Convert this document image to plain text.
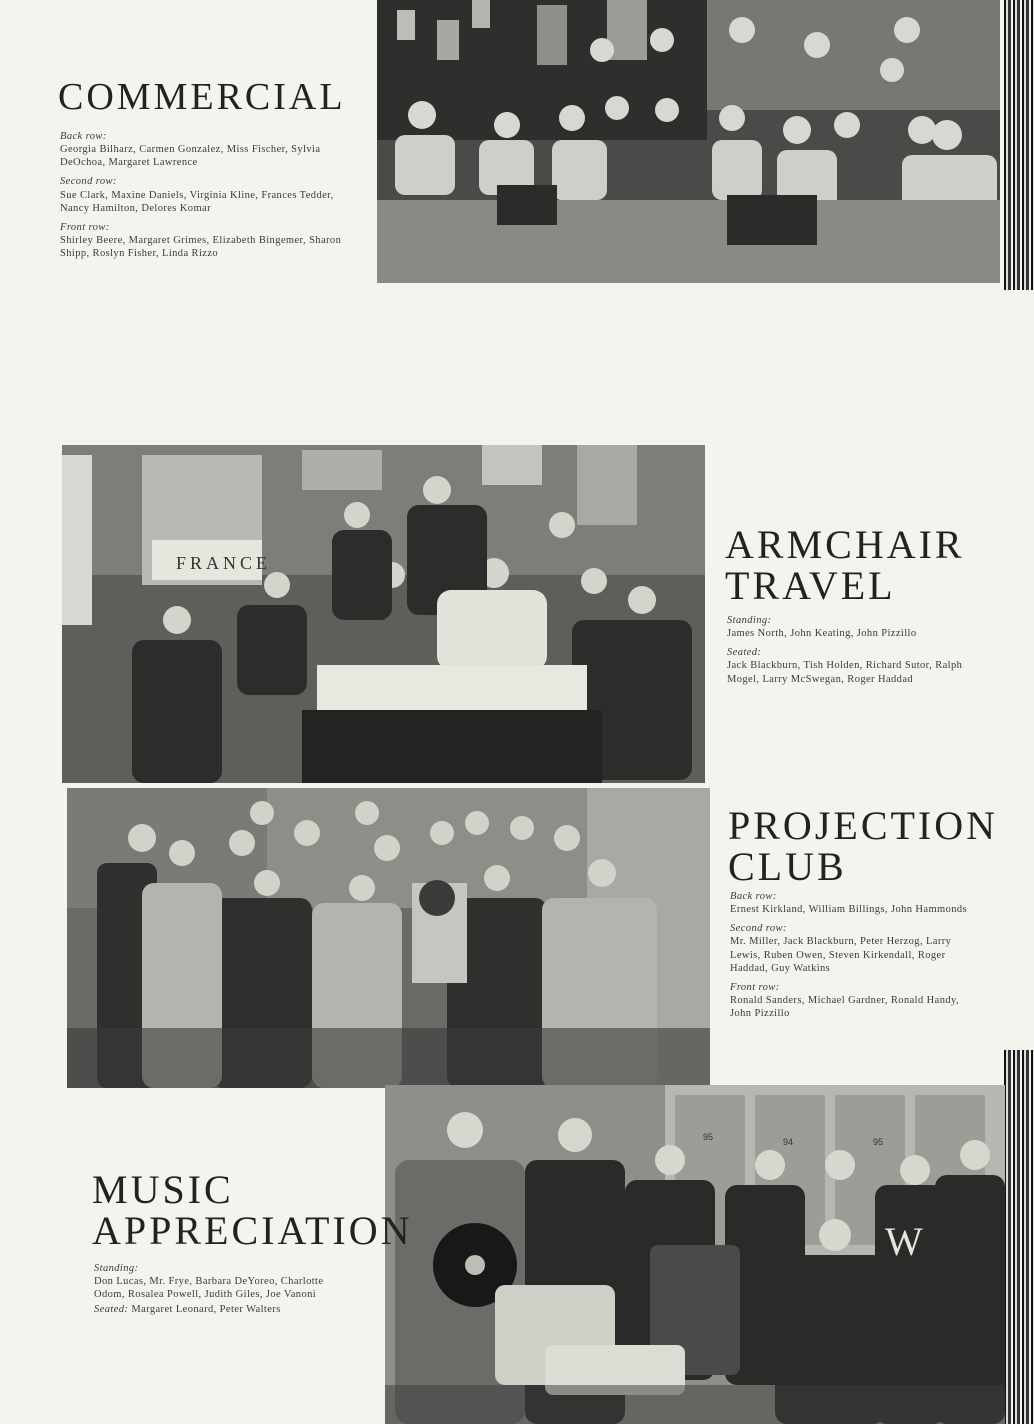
COMMERCIAL
Back row:
Georgia Bilharz, Carmen Gonzalez, Miss Fischer, Sylvia DeOchoa, Margaret Lawrence
Second row:
Sue Clark, Maxine Daniels, Virginia Kline, Frances Tedder, Nancy Hamilton, Delores Komar
Front row:
Shirley Beere, Margaret Grimes, Elizabeth Bingemer, Sharon Shipp, Roslyn Fisher, Linda Rizzo
FRANCE	ARMCHAIR
TRAVEL
Standing:
James North, John Keating, John Pizzillo
Seated:
Jack Blackburn, Tish Holden, Richard Sutor, Ralph Mogel, Larry McSwegan, Roger Haddad
PROJECTION
CLUB
Back row:
Ernest Kirkland, William Billings, John Hammonds
Second row:
Mr. Miller, Jack Blackburn, Peter Herzog, Larry Lewis, Ruben Owen, Steven Kirkendall, Roger Haddad, Guy Watkins
Front row:
Ronald Sanders, Michael Gardner, Ronald Handy, John Pizzillo
95	94	95
W
MUSIC
APPRECIATION
Standing:
Don Lucas, Mr. Frye, Barbara DeYoreo, Charlotte Odom, Rosalea Powell, Judith Giles, Joe Vanoni
Seated: Margaret Leonard, Peter Walters
